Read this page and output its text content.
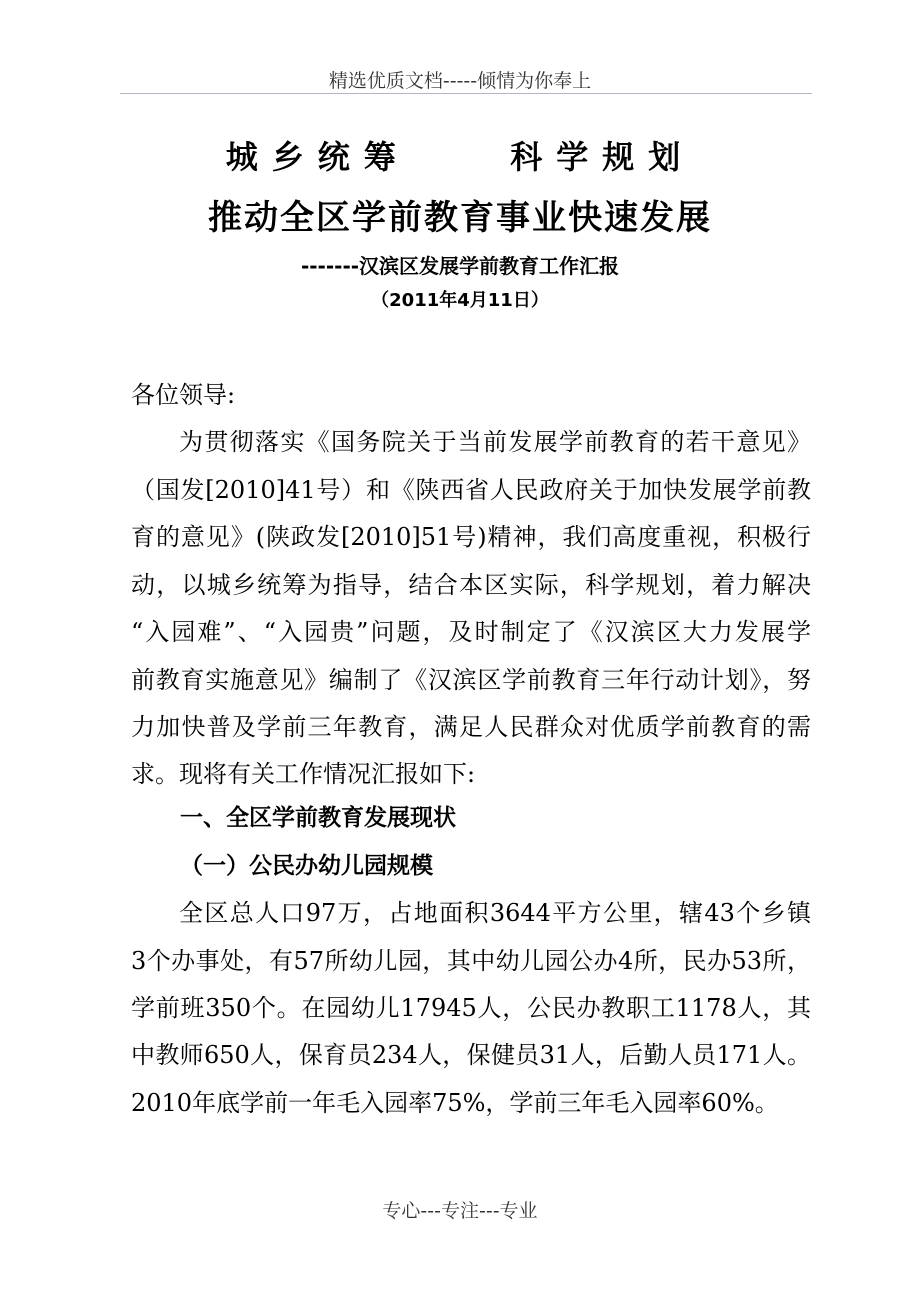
精选优质文档-----倾情为你奉上
城乡统筹    科学规划
推动全区学前教育事业快速发展
-------汉滨区发展学前教育工作汇报
（2011年4月11日）
各位领导:
为贯彻落实《国务院关于当前发展学前教育的若干意见》
（国发[2010]41号）和《陕西省人民政府关于加快发展学前教
育的意见》(陕政发[2010]51号)精神，我们高度重视，积极行
动，以城乡统筹为指导，结合本区实际，科学规划，着力解决
“入园难”、“入园贵”问题，及时制定了《汉滨区大力发展学
前教育实施意见》编制了《汉滨区学前教育三年行动计划》，努
力加快普及学前三年教育，满足人民群众对优质学前教育的需
求。现将有关工作情况汇报如下:
一、全区学前教育发展现状
（一）公民办幼儿园规模
全区总人口97万，占地面积3644平方公里，辖43个乡镇
3个办事处，有57所幼儿园，其中幼儿园公办4所，民办53所，
学前班350个。在园幼儿17945人，公民办教职工1178人，其
中教师650人，保育员234人，保健员31人，后勤人员171人。
2010年底学前一年毛入园率75%，学前三年毛入园率60%。
专心---专注---专业
